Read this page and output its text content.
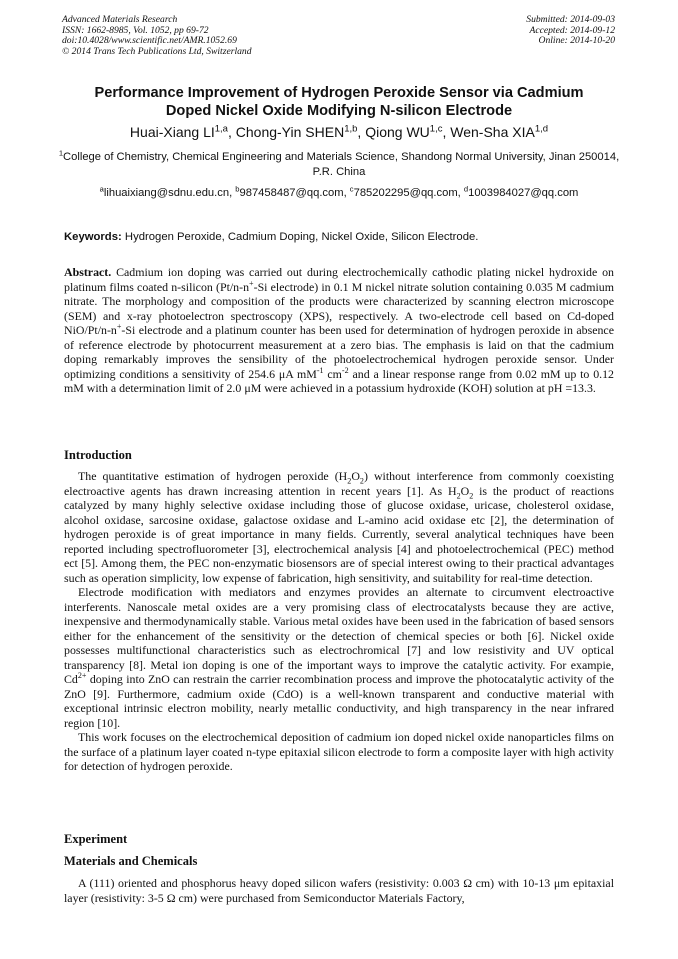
Advanced Materials Research
ISSN: 1662-8985, Vol. 1052, pp 69-72
doi:10.4028/www.scientific.net/AMR.1052.69
© 2014 Trans Tech Publications Ltd, Switzerland
Submitted: 2014-09-03
Accepted: 2014-09-12
Online: 2014-10-20
Performance Improvement of Hydrogen Peroxide Sensor via Cadmium
Doped Nickel Oxide Modifying N-silicon Electrode
Huai-Xiang LI$^{1,a}$, Chong-Yin SHEN$^{1,b}$, Qiong WU$^{1,c}$, Wen-Sha XIA$^{1,d}$
$^1$College of Chemistry, Chemical Engineering and Materials Science, Shandong Normal University, Jinan 250014, P.R. China
$^a$lihuaixiang@sdnu.edu.cn, $^b$987458487@qq.com, $^c$785202295@qq.com, $^d$1003984027@qq.com
Keywords: Hydrogen Peroxide, Cadmium Doping, Nickel Oxide, Silicon Electrode.

Abstract. Cadmium ion doping was carried out during electrochemically cathodic plating nickel hydroxide on platinum films coated n-silicon (Pt/n-n+-Si electrode) in 0.1 M nickel nitrate solution containing 0.035 M cadmium nitrate. The morphology and composition of the products were characterized by scanning electron microscope (SEM) and x-ray photoelectron spectroscopy (XPS), respectively. A two-electrode cell based on Cd-doped NiO/Pt/n-n+-Si electrode and a platinum counter has been used for determination of hydrogen peroxide in absence of reference electrode by photocurrent measurement at a zero bias. The emphasis is laid on that the cadmium doping remarkably improves the sensibility of the photoelectrochemical hydrogen peroxide sensor. Under optimizing conditions a sensitivity of 254.6 μA $mM^{-1}$ $cm^{-2}$ and a linear response range from 0.02 mM up to 0.12 mM with a determination limit of 2.0 μM were achieved in a potassium hydroxide (KOH) solution at pH =13.3.

Introduction

The quantitative estimation of hydrogen peroxide $(H_2O_2)$ without interference from commonly coexisting electroactive agents has drawn increasing attention in recent years [1]. As $H_2O_2$ is the product of reactions catalyzed by many highly selective oxidase including those of glucose oxidase, uricase, cholesterol oxidase, alcohol oxidase, sarcosine oxidase, galactose oxidase and L-amino acid oxidase etc [2], the determination of hydrogen peroxide is of great importance in many fields. Currently, several analytical techniques have been reported including spectrofluorometer [3], electrochemical analysis [4] and photoelectrochemical (PEC) method ect [5]. Among them, the PEC non-enzymatic biosensors are of special interest owing to their practical advantages such as operation simplicity, low expense of fabrication, high sensitivity, and suitability for real-time detection.

Electrode modification with mediators and enzymes provides an alternate to circumvent electroactive interferents. Nanoscale metal oxides are a very promising class of electrocatalysts because they are active, inexpensive and thermodynamically stable. Various metal oxides have been used in the fabrication of based sensors either for the enhancement of the sensitivity or the detection of chemical species or both [6]. Nickel oxide possesses multifunctional characteristics such as electrochromical [7] and low resistivity and UV optical transparency [8]. Metal ion doping is one of the important ways to improve the catalytic activity. For exampie, $Cd^{2+}$ doping into ZnO can restrain the carrier recombination process and improve the photocatalytic activity of the ZnO [9]. Furthermore, cadmium oxide (CdO) is a well-known transparent and conductive material with exceptional intrinsic electron mobility, nearly metallic conductivity, and high transparency in the near infrared region [10].

This work focuses on the electrochemical deposition of cadmium ion doped nickel oxide nanoparticles films on the surface of a platinum layer coated n-type epitaxial silicon electrode to form a composite layer with high activity for detection of hydrogen peroxide.

Experiment
Materials and Chemicals

A (111) oriented and phosphorus heavy doped silicon wafers (resistivity: 0.003 Ω cm) with 10-13 μm epitaxial layer (resistivity: 3-5 Ω cm) were purchased from Semiconductor Materials Factory,
